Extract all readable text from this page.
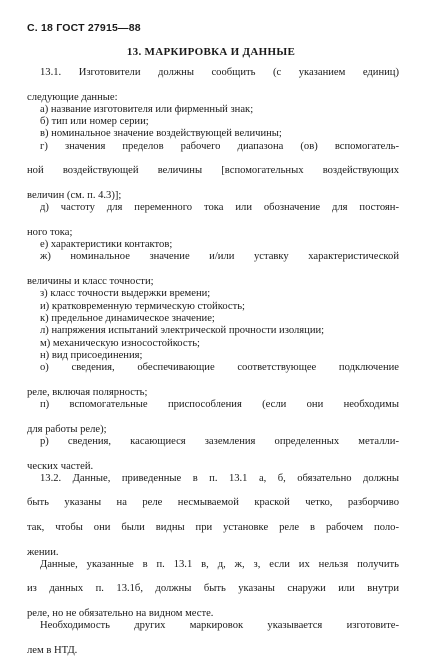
С. 18 ГОСТ 27915—88
13. МАРКИРОВКА И ДАННЫЕ

13.1. Изготовители должны сообщить (с указанием единиц)

следующие данные:

а) название изготовителя или фирменный знак;

б) тип или номер серии;

в) номинальное значение воздействующей величины;

г) значения пределов рабочего диапазона (ов) вспомогатель-

ной воздействующей величины [вспомогательных воздействующих

величин (см. п. 4.3)];

д) частоту для переменного тока или обозначение для постоян-

ного тока;

е) характеристики контактов;

ж) номинальное значение и/или уставку характеристической

величины и класс точности;

з) класс точности выдержки времени;

и) кратковременную термическую стойкость;

к) предельное динамическое значение;

л) напряжения испытаний электрической прочности изоляции;

м) механическую износостойкость;

н) вид присоединения;

о) сведения, обеспечивающие соответствующее подключение

реле, включая полярность;

п) вспомогательные приспособления (если они необходимы

для работы реле);

р) сведения, касающиеся заземления определенных металли-

ческих частей.

13.2. Данные, приведенные в п. 13.1 а, б, обязательно должны

быть указаны на реле несмываемой краской четко, разборчиво

так, чтобы они были видны при установке реле в рабочем поло-

жении.

Данные, указанные в п. 13.1 в, д, ж, з, если их нельзя получить

из данных п. 13.1б, должны быть указаны снаружи или внутри

реле, но не обязательно на видном месте.

Необходимость других маркировок указывается изготовите-

лем в НТД.
